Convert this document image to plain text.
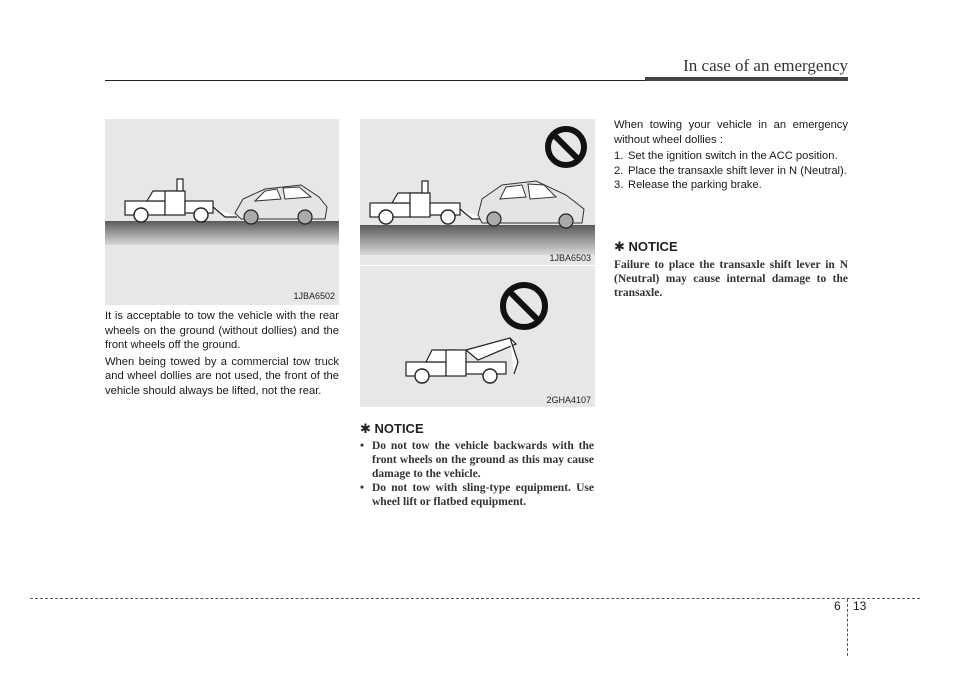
In case of an emergency
1JBA6502
1JBA6503
2GHA4107

It is acceptable to tow the vehicle with the rear wheels on the ground (without dollies) and the front wheels off the ground.

When being towed by a commercial tow truck and wheel dollies are not used, the front of the vehicle should always be lifted, not the rear.

✱ NOTICE
• Do not tow the vehicle backwards with the front wheels on the ground as this may cause damage to the vehicle.
• Do not tow with sling-type equipment. Use wheel lift or flatbed equipment.

When towing your vehicle in an emergency without wheel dollies :

1. Set the ignition switch in the ACC position.
2. Place the transaxle shift lever in N (Neutral).
3. Release the parking brake.
✱ NOTICE
Failure to place the transaxle shift lever in N (Neutral) may cause internal damage to the transaxle.
6 13
